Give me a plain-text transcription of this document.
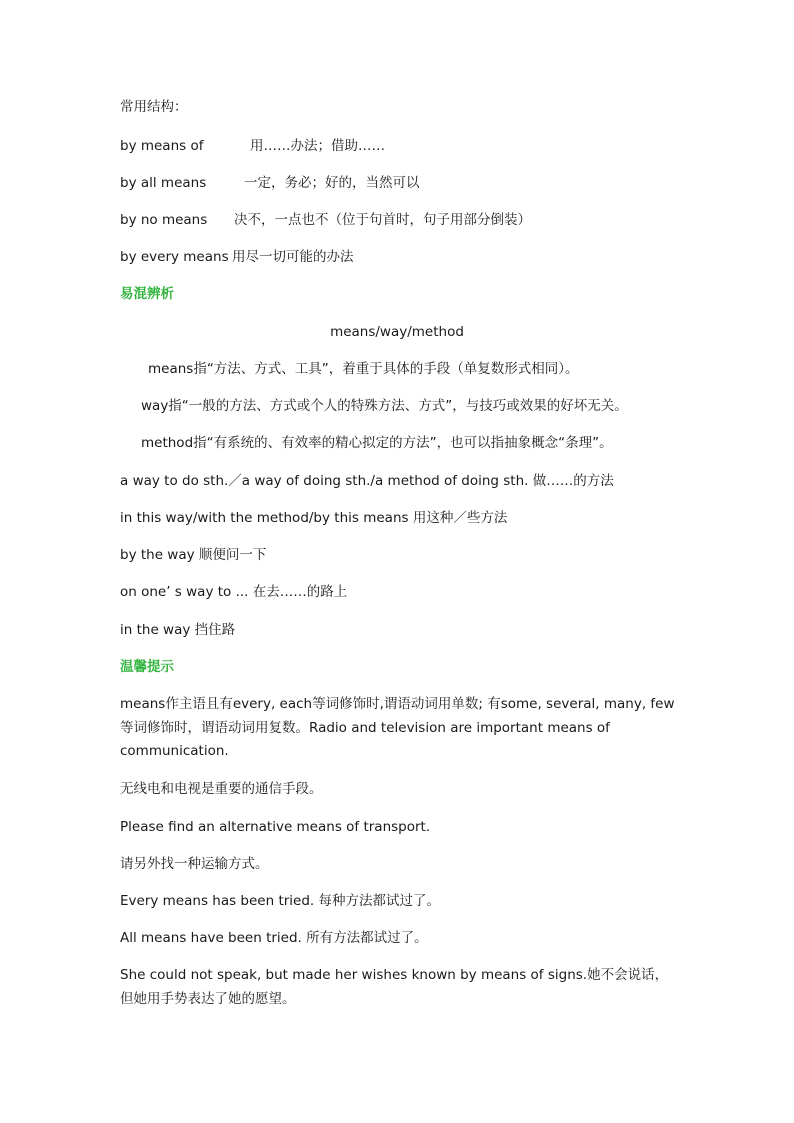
常用结构：
by means of	用……办法；借助……
by all means	一定，务必；好的，当然可以
by no means 决不，一点也不（位于句首时，句子用部分倒装）
by every means 用尽一切可能的办法
易混辨析
means/way/method
means指“方法、方式、工具”，着重于具体的手段（单复数形式相同）。
way指“一般的方法、方式或个人的特殊方法、方式”，与技巧或效果的好坏无关。
method指“有系统的、有效率的精心拟定的方法”，也可以指抽象概念“条理”。
a way to do sth.／a way of doing sth./a method of doing sth. 做……的方法
in this way/with the method/by this means 用这种／些方法
by the way 顺便问一下
on one’ s way to ... 在去……的路上
in the way 挡住路
温馨提示
means作主语且有every, each等词修饰时,谓语动词用单数; 有some, several, many, few等词修饰时，谓语动词用复数。Radio and television are important means of communication.
无线电和电视是重要的通信手段。
Please find an alternative means of transport.
请另外找一种运输方式。
Every means has been tried. 每种方法都试过了。
All means have been tried. 所有方法都试过了。
She could not speak, but made her wishes known by means of signs.她不会说话，但她用手势表达了她的愿望。
